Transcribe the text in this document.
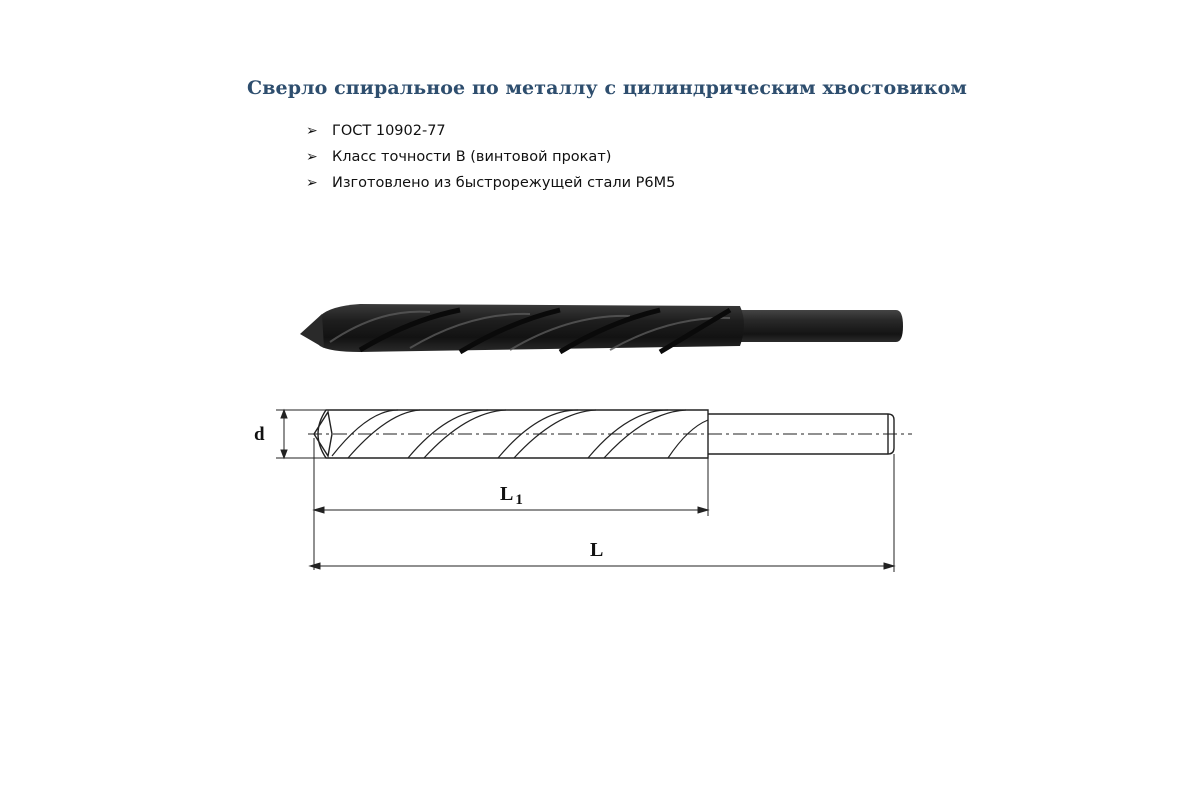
Сверло спиральное по металлу с цилиндрическим хвостовиком
➢ ГОСТ 10902-77
➢ Класс точности B (винтовой прокат)
➢ Изготовлено из быстрорежущей стали Р6М5
d
L $_1$
L
